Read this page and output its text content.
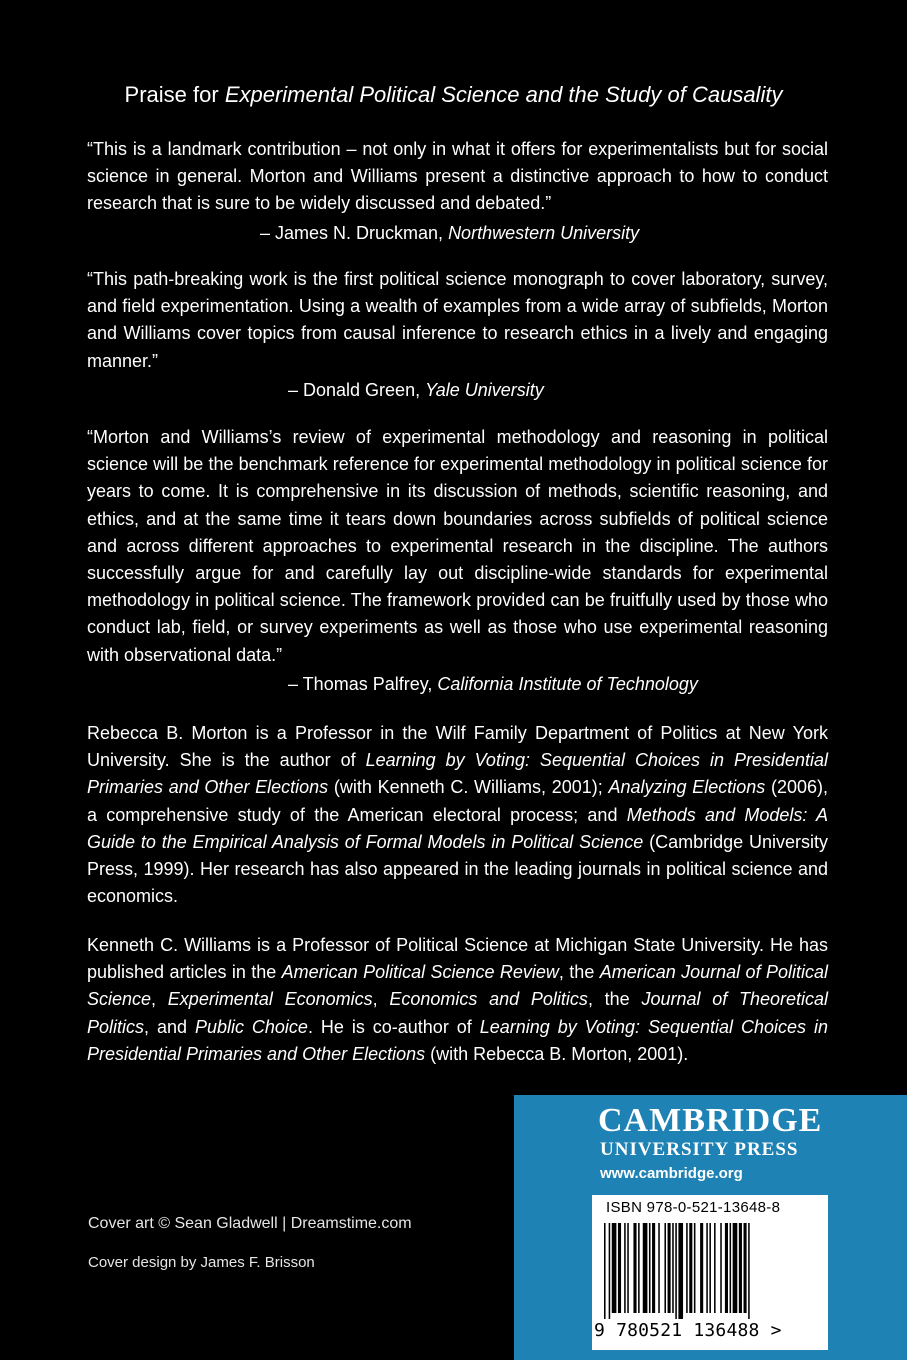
Praise for Experimental Political Science and the Study of Causality
“This is a landmark contribution – not only in what it offers for experimentalists but for social science in general. Morton and Williams present a distinctive approach to how to conduct research that is sure to be widely discussed and debated.”
– James N. Druckman, Northwestern University
“This path-breaking work is the first political science monograph to cover laboratory, survey, and field experimentation. Using a wealth of examples from a wide array of subfields, Morton and Williams cover topics from causal inference to research ethics in a lively and engaging manner.”
– Donald Green, Yale University
“Morton and Williams’s review of experimental methodology and reasoning in political science will be the benchmark reference for experimental methodology in political science for years to come. It is comprehensive in its discussion of methods, scientific reasoning, and ethics, and at the same time it tears down boundaries across subfields of political science and across different approaches to experimental research in the discipline. The authors successfully argue for and carefully lay out discipline-wide standards for experimental methodology in political science. The framework provided can be fruitfully used by those who conduct lab, field, or survey experiments as well as those who use experimental reasoning with observational data.”
– Thomas Palfrey, California Institute of Technology
Rebecca B. Morton is a Professor in the Wilf Family Department of Politics at New York University. She is the author of Learning by Voting: Sequential Choices in Presidential Primaries and Other Elections (with Kenneth C. Williams, 2001); Analyzing Elections (2006), a comprehensive study of the American electoral process; and Methods and Models: A Guide to the Empirical Analysis of Formal Models in Political Science (Cambridge University Press, 1999). Her research has also appeared in the leading journals in political science and economics.
Kenneth C. Williams is a Professor of Political Science at Michigan State University. He has published articles in the American Political Science Review, the American Journal of Political Science, Experimental Economics, Economics and Politics, the Journal of Theoretical Politics, and Public Choice. He is co-author of Learning by Voting: Sequential Choices in Presidential Primaries and Other Elections (with Rebecca B. Morton, 2001).
Cover art © Sean Gladwell | Dreamstime.com
Cover design by James F. Brisson
CAMBRIDGE
UNIVERSITY PRESS
www.cambridge.org
ISBN 978-0-521-13648-8
9 780521 136488 >
